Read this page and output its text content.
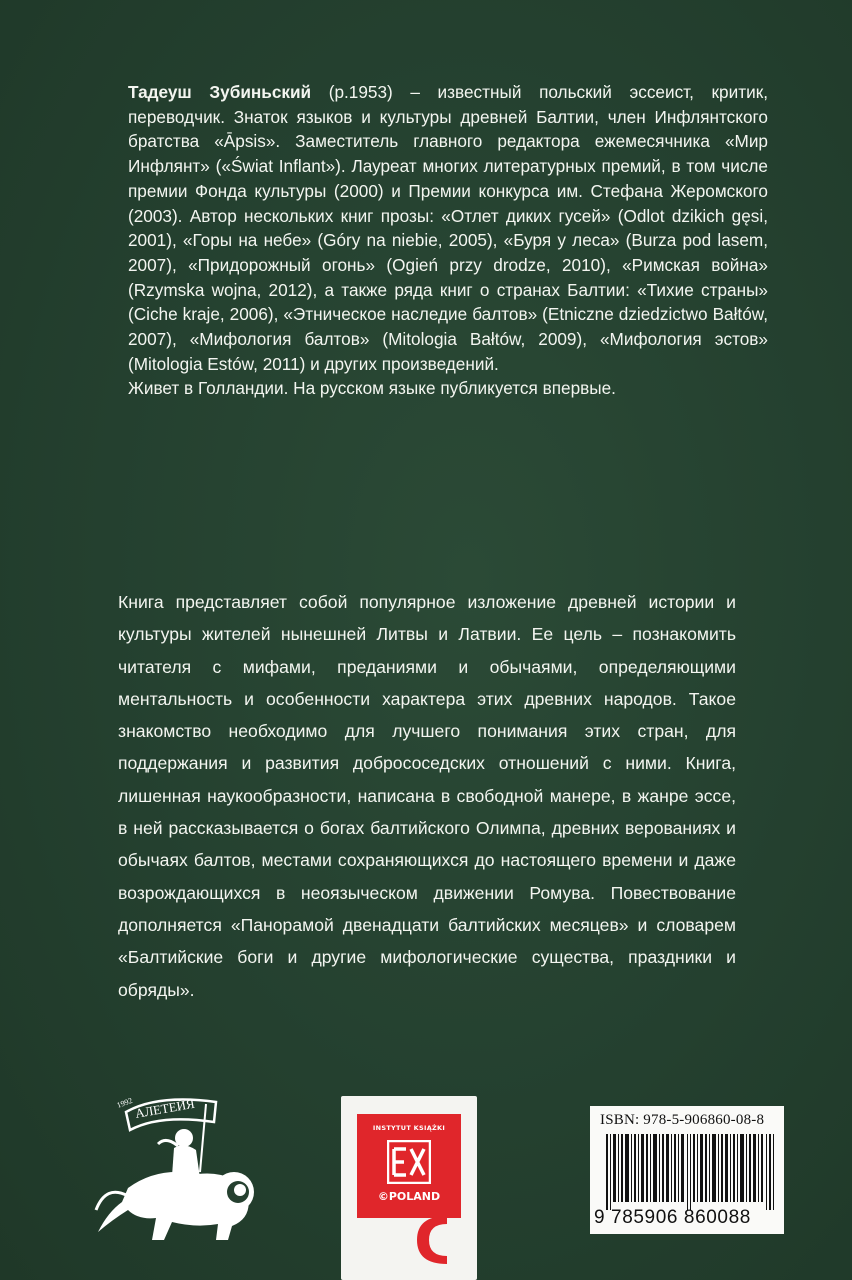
Тадеуш Зубиньский (р.1953) – известный польский эссеист, критик, переводчик. Знаток языков и культуры древней Балтии, член Инфлянтского братства «Āpsis». Заместитель главного редактора ежемесячника «Мир Инфлянт» («Świat Inflant»). Лауреат многих литературных премий, в том числе премии Фонда культуры (2000) и Премии конкурса им. Стефана Жеромского (2003). Автор нескольких книг прозы: «Отлет диких гусей» (Odlot dzikich gęsi, 2001), «Горы на небе» (Góry na niebie, 2005), «Буря у леса» (Burza pod lasem, 2007), «Придорожный огонь» (Ogień przy drodze, 2010), «Римская война» (Rzymska wojna, 2012), а также ряда книг о странах Балтии: «Тихие страны» (Ciche kraje, 2006), «Этническое наследие балтов» (Etniczne dziedzictwo Bałtów, 2007), «Мифология балтов» (Mitologia Bałtów, 2009), «Мифология эстов» (Mitologia Estów, 2011) и других произведений.

Живет в Голландии. На русском языке публикуется впервые.

Книга представляет собой популярное изложение древней истории и культуры жителей нынешней Литвы и Латвии. Ее цель – познакомить читателя с мифами, преданиями и обычаями, определяющими ментальность и особенности характера этих древних народов. Такое знакомство необходимо для лучшего понимания этих стран, для поддержания и развития добрососедских отношений с ними. Книга, лишенная наукообразности, написана в свободной манере, в жанре эссе, в ней рассказывается о богах балтийского Олимпа, древних верованиях и обычаях балтов, местами сохраняющихся до настоящего времени и даже возрождающихся в неоязыческом движении Ромува. Повествование дополняется «Панорамой двенадцати балтийских месяцев» и словарем «Балтийские боги и другие мифологические существа, праздники и обряды».

АЛЕТЕЙЯ
1992
INSTYTUT KSIĄŻKI
©POLAND
ISBN: 978-5-906860-08-8
9 785906 860088
